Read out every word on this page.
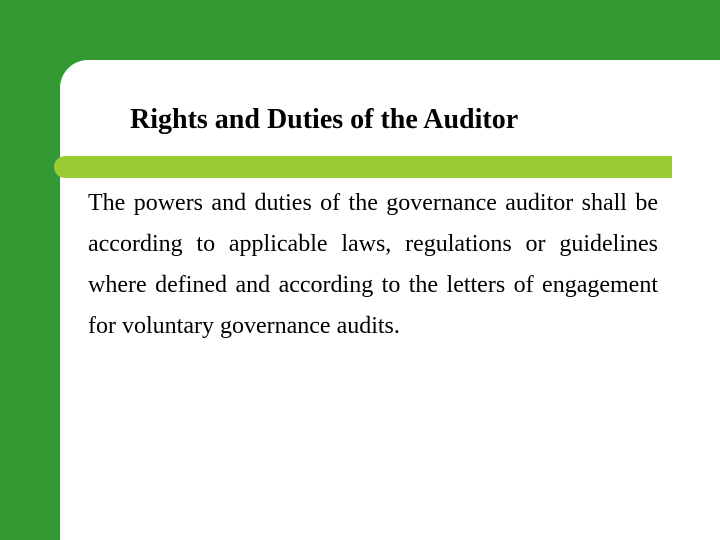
Rights and Duties of the Auditor

The powers and duties of the governance auditor shall be according to applicable laws, regulations or guidelines where defined and according to the letters of engagement for voluntary governance audits.
